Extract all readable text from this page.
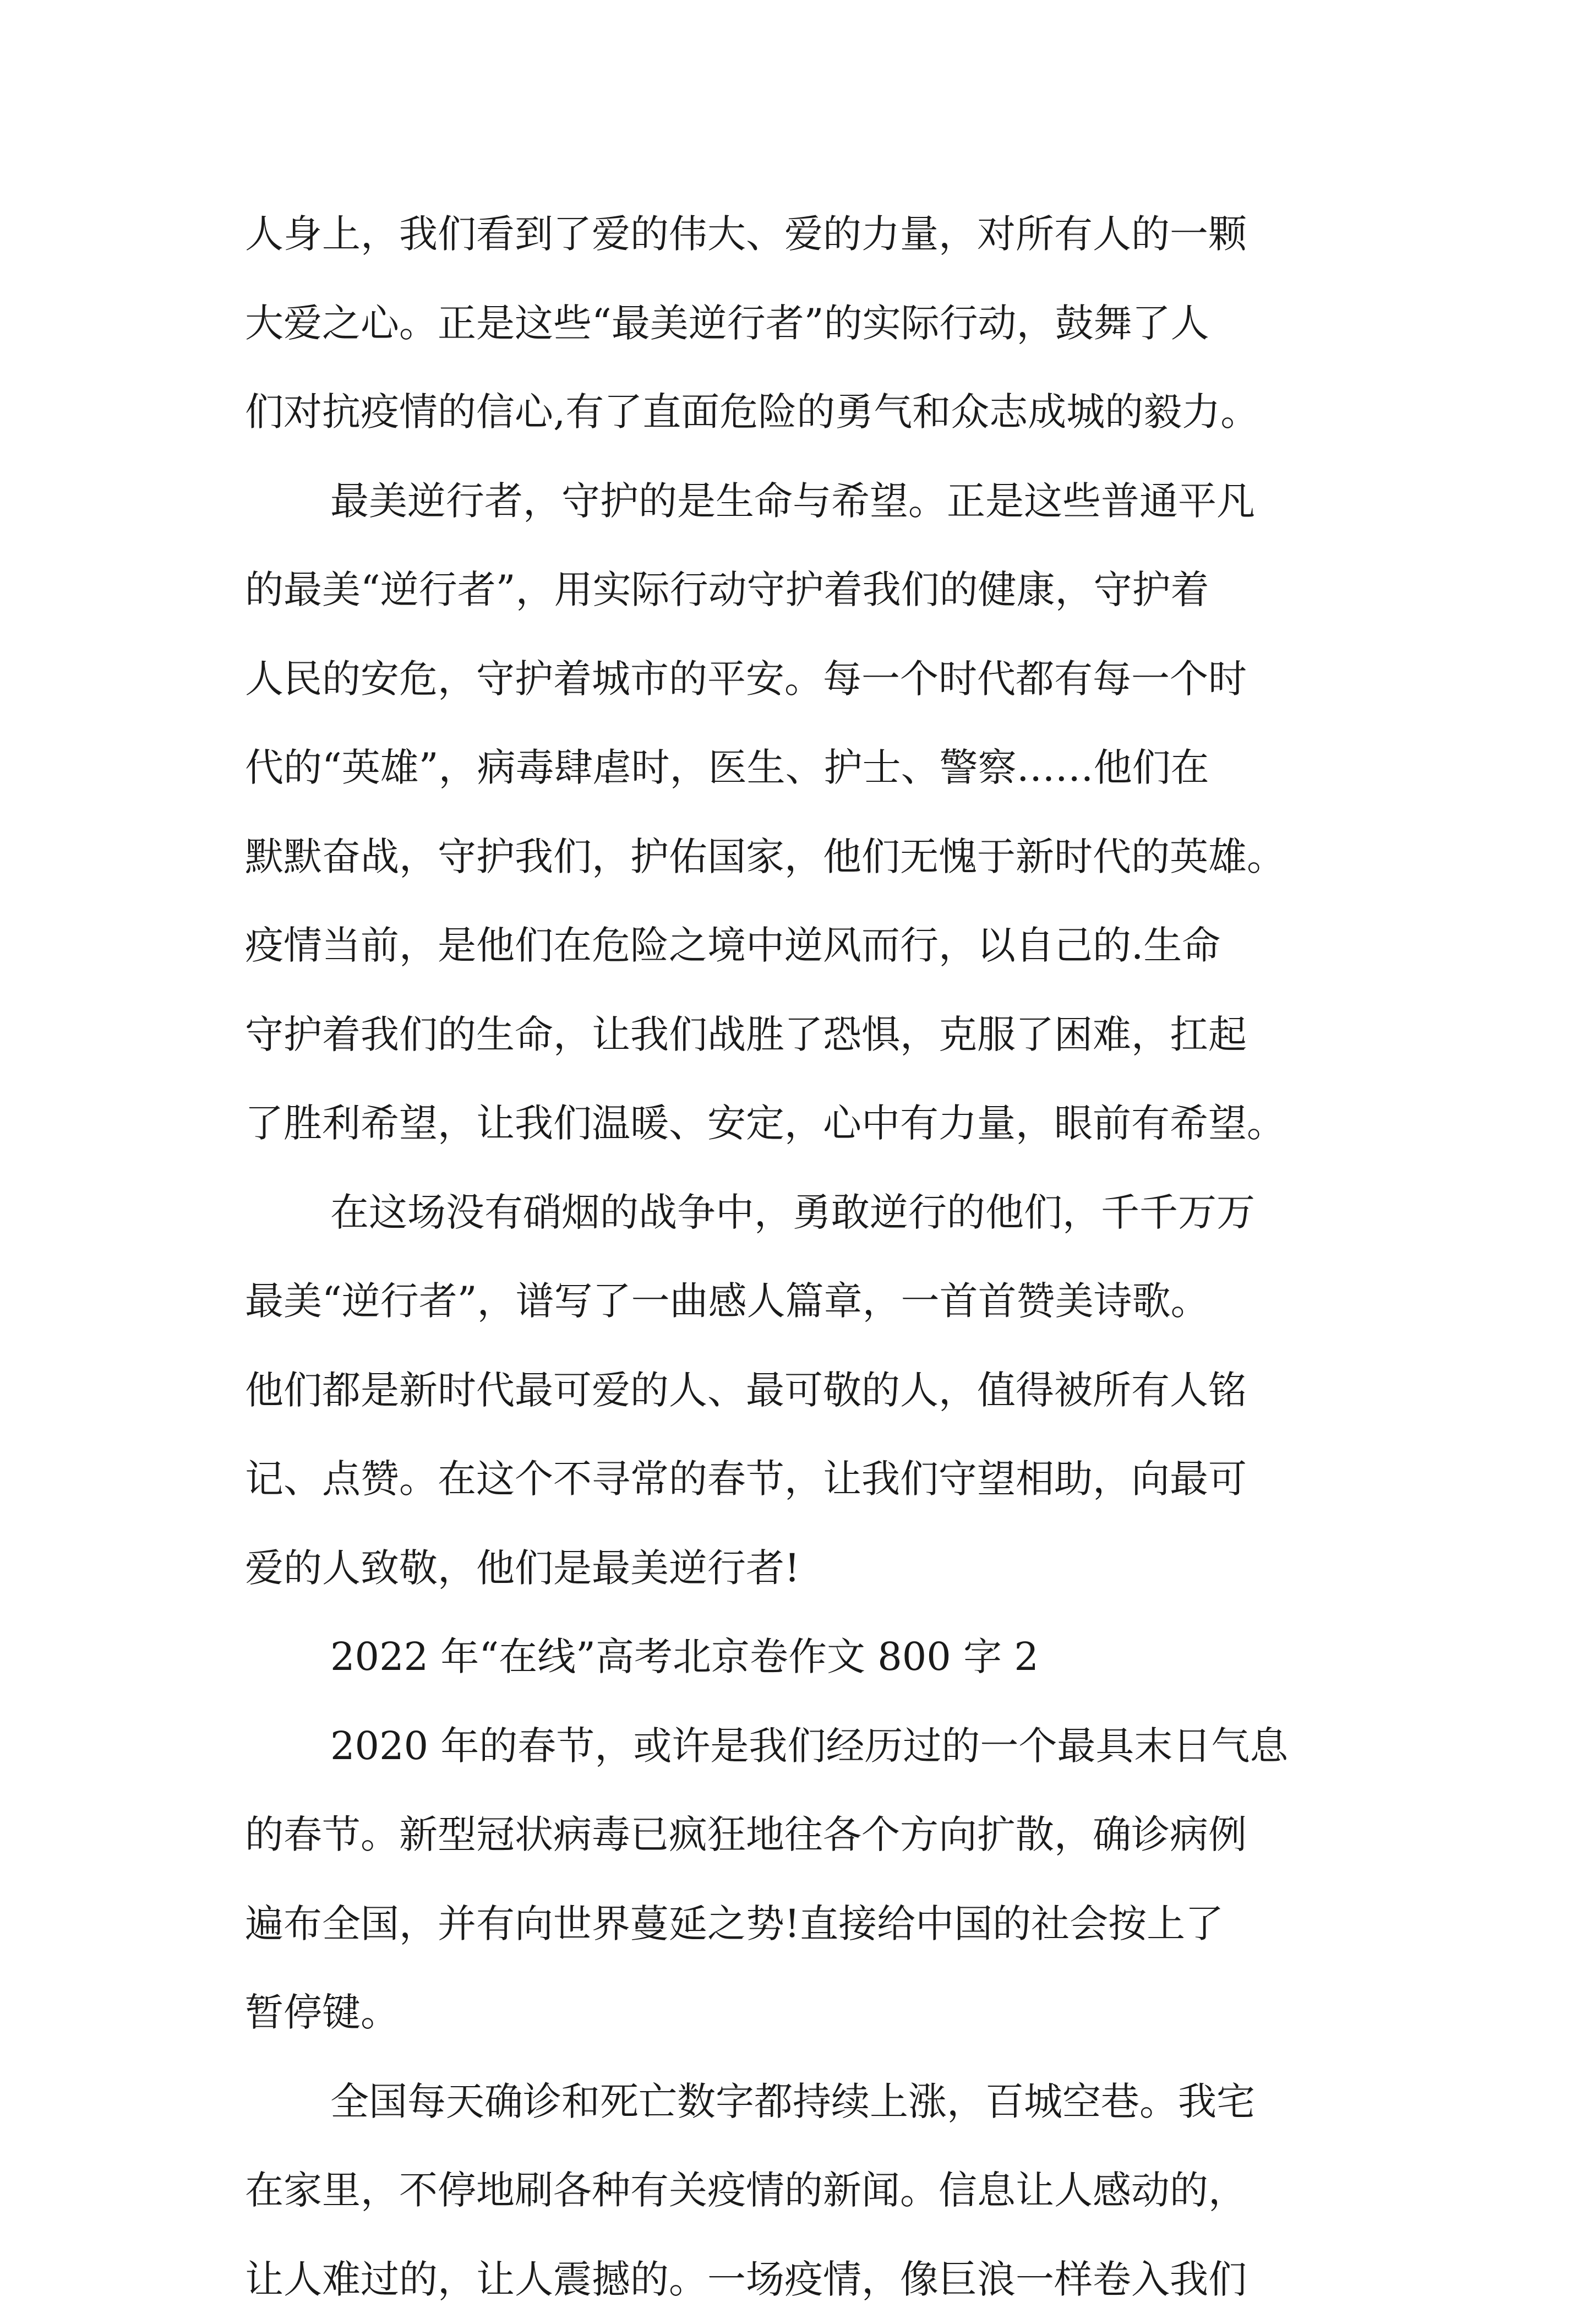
人身上，我们看到了爱的伟大、爱的力量，对所有人的一颗
大爱之心。正是这些“最美逆行者”的实际行动，鼓舞了人
们对抗疫情的信心,有了直面危险的勇气和众志成城的毅力。
最美逆行者，守护的是生命与希望。正是这些普通平凡
的最美“逆行者”，用实际行动守护着我们的健康，守护着
人民的安危，守护着城市的平安。每一个时代都有每一个时
代的“英雄”，病毒肆虐时，医生、护士、警察……他们在
默默奋战，守护我们，护佑国家，他们无愧于新时代的英雄。
疫情当前，是他们在危险之境中逆风而行，以自己的.生命
守护着我们的生命，让我们战胜了恐惧，克服了困难，扛起
了胜利希望，让我们温暖、安定，心中有力量，眼前有希望。
在这场没有硝烟的战争中，勇敢逆行的他们，千千万万
最美“逆行者”，谱写了一曲感人篇章，一首首赞美诗歌。
他们都是新时代最可爱的人、最可敬的人，值得被所有人铭
记、点赞。在这个不寻常的春节，让我们守望相助，向最可
爱的人致敬，他们是最美逆行者!
2022 年“在线”高考北京卷作文 800 字 2
2020 年的春节，或许是我们经历过的一个最具末日气息
的春节。新型冠状病毒已疯狂地往各个方向扩散，确诊病例
遍布全国，并有向世界蔓延之势!直接给中国的社会按上了
暂停键。
全国每天确诊和死亡数字都持续上涨，百城空巷。我宅
在家里，不停地刷各种有关疫情的新闻。信息让人感动的，
让人难过的，让人震撼的。一场疫情，像巨浪一样卷入我们
